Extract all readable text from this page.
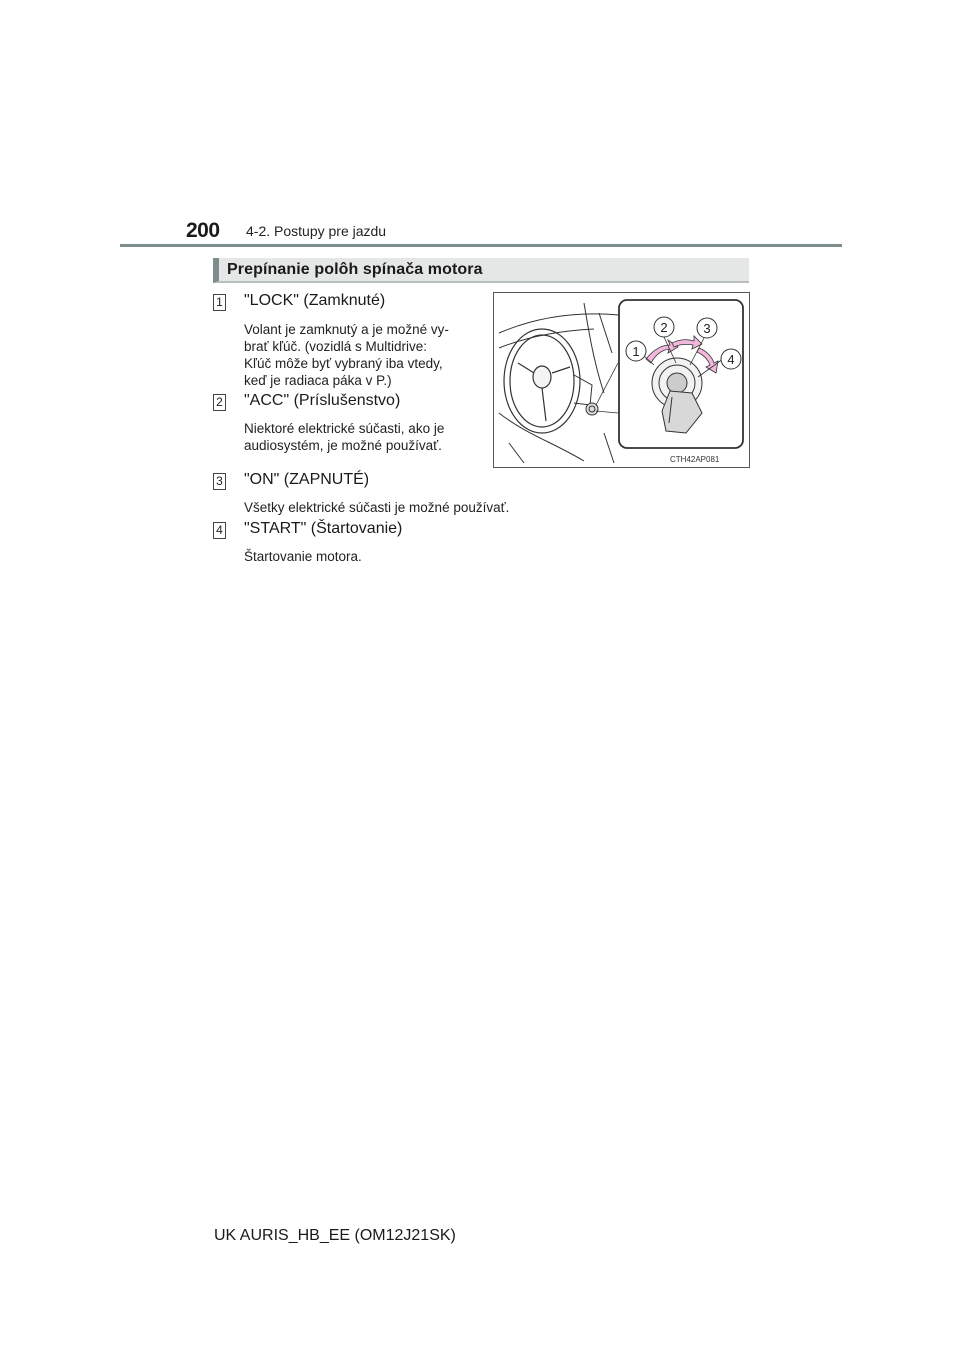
200 4-2. Postupy pre jazdu
Prepínanie polôh spínača motora
1 "LOCK" (Zamknuté)
Volant je zamknutý a je možné vy-
brať kľúč. (vozidlá s Multidrive:
Kľúč môže byť vybraný iba vtedy,
keď je radiaca páka v P.)
2 "ACC" (Príslušenstvo)
Niektoré elektrické súčasti, ako je
audiosystém, je možné používať.
3 "ON" (ZAPNUTÉ)
Všetky elektrické súčasti je možné používať.
4 "START" (Štartovanie)
Štartovanie motora.
1
2	3
4
CTH42AP081
UK AURIS_HB_EE (OM12J21SK)
